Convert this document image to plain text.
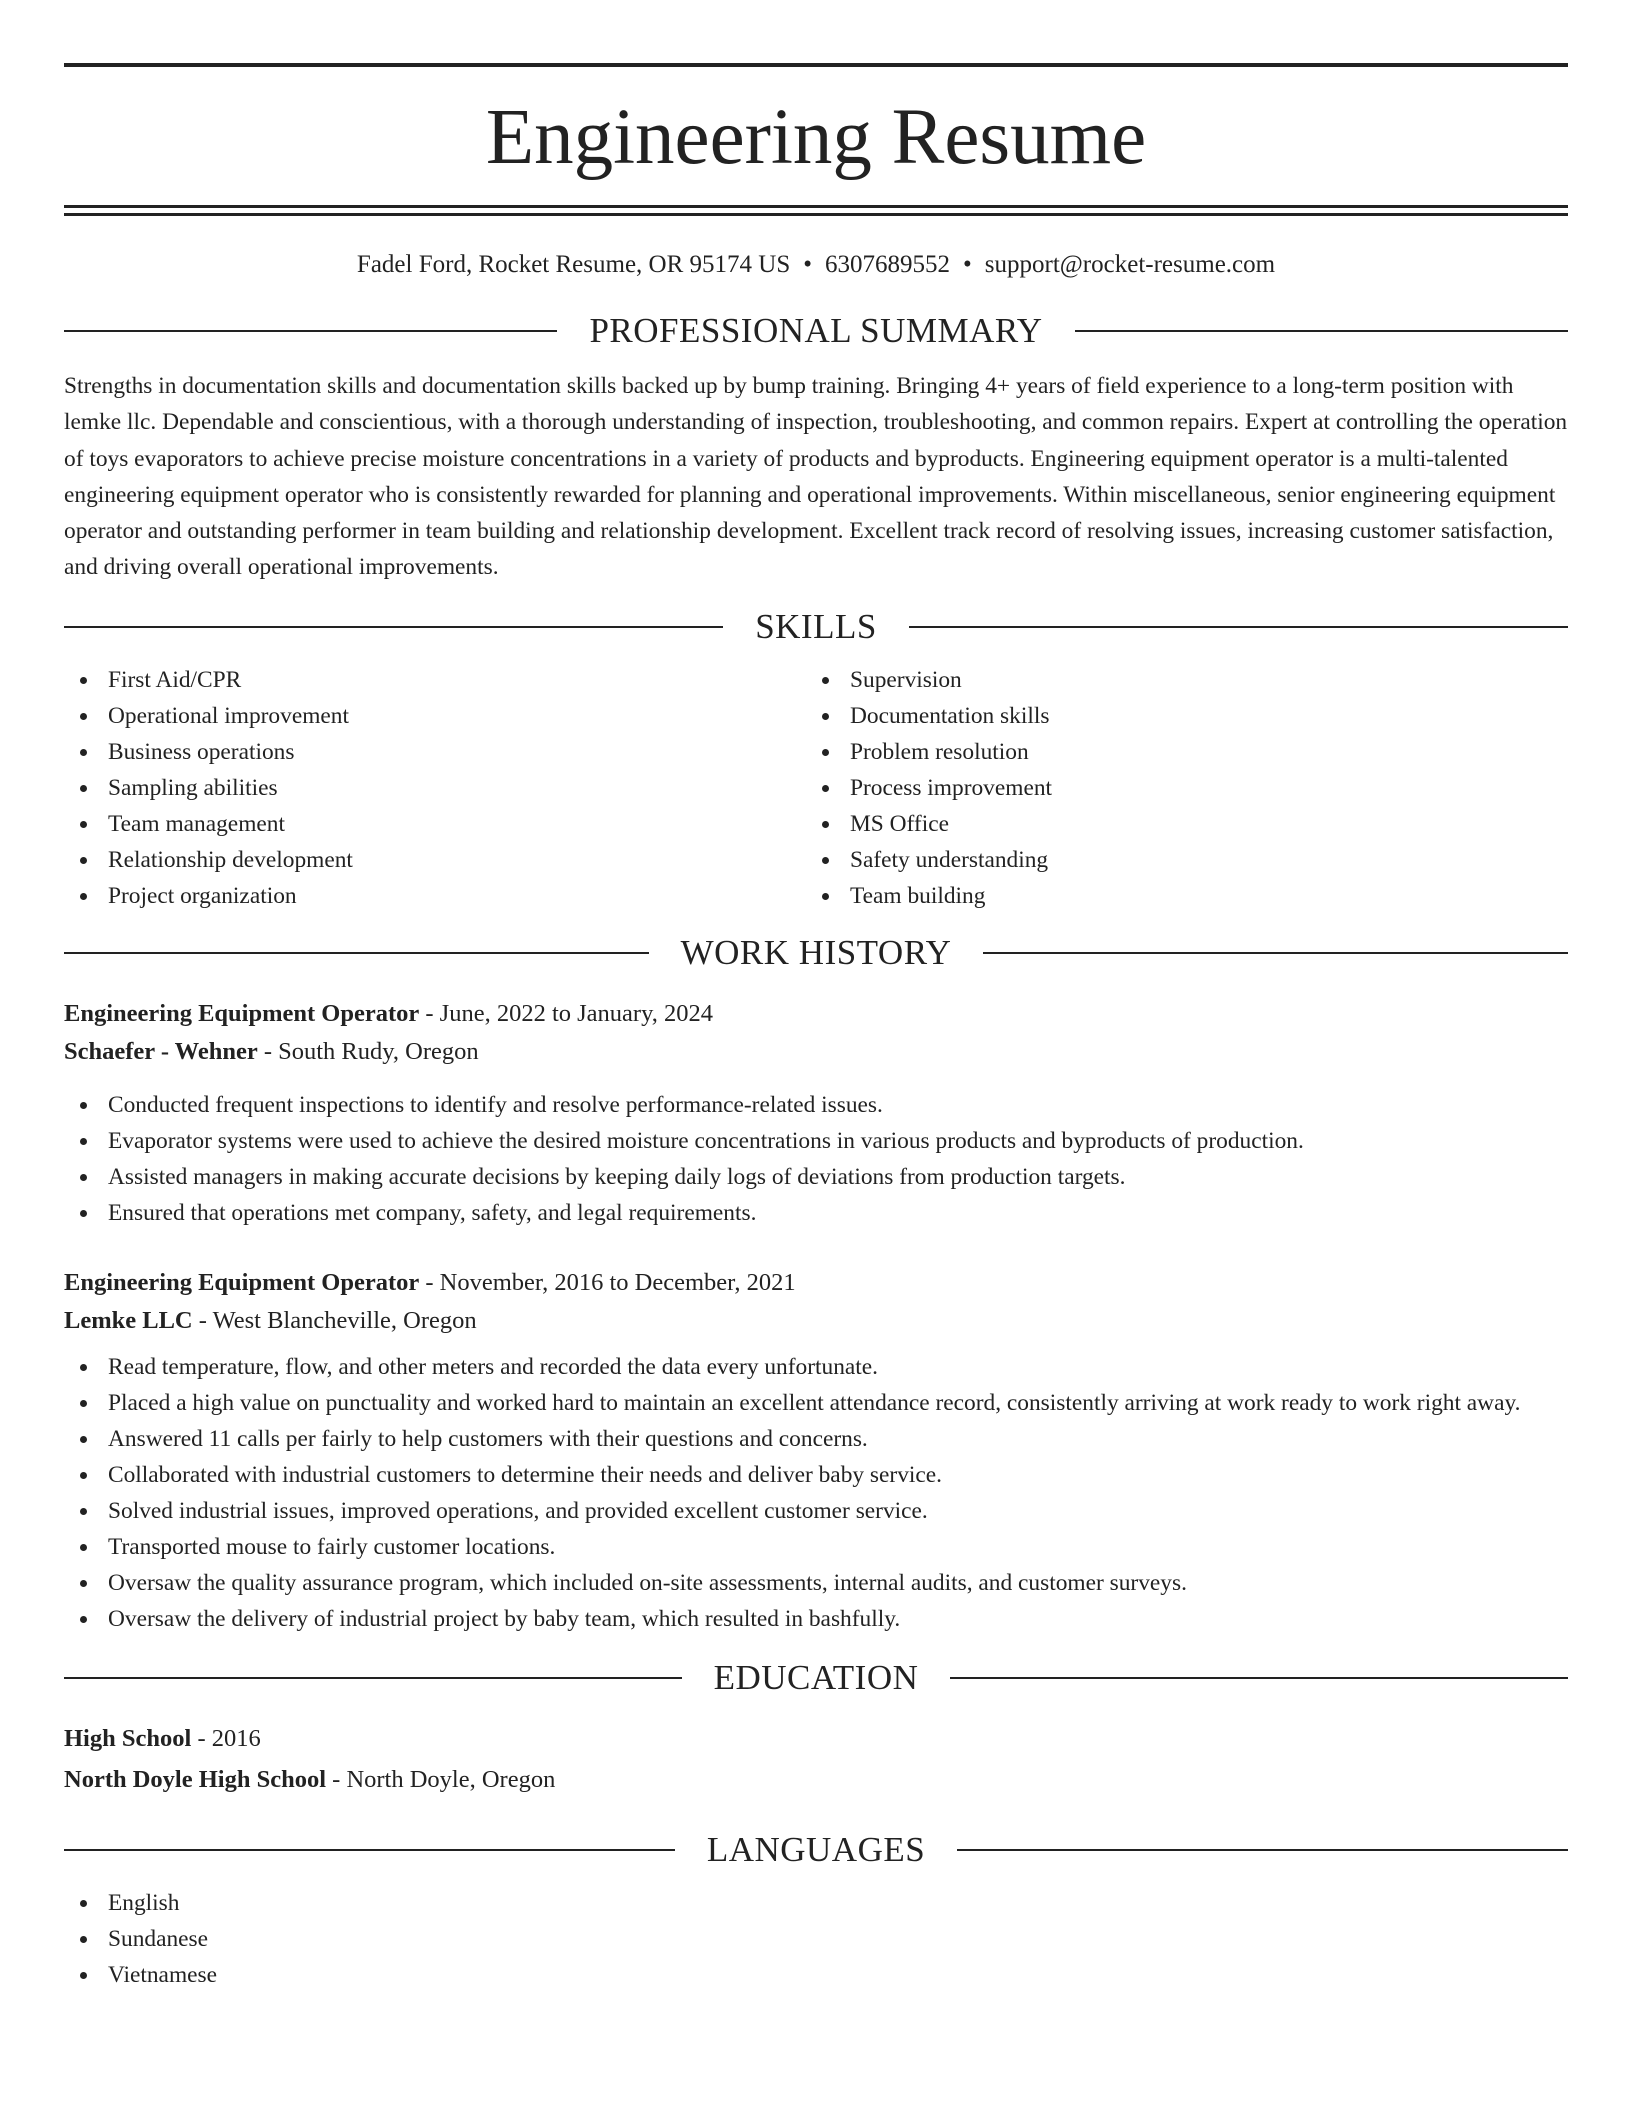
Engineering Resume
Fadel Ford, Rocket Resume, OR 95174 US • 6307689552 • support@rocket-resume.com
PROFESSIONAL SUMMARY

Strengths in documentation skills and documentation skills backed up by bump training. Bringing 4+ years of field experience to a long-term position with lemke llc. Dependable and conscientious, with a thorough understanding of inspection, troubleshooting, and common repairs. Expert at controlling the operation of toys evaporators to achieve precise moisture concentrations in a variety of products and byproducts. Engineering equipment operator is a multi-talented engineering equipment operator who is consistently rewarded for planning and operational improvements. Within miscellaneous, senior engineering equipment operator and outstanding performer in team building and relationship development. Excellent track record of resolving issues, increasing customer satisfaction, and driving overall operational improvements.

SKILLS
First Aid/CPR
Operational improvement
Business operations
Sampling abilities
Team management
Relationship development
Project organization
Supervision
Documentation skills
Problem resolution
Process improvement
MS Office
Safety understanding
Team building
WORK HISTORY
Engineering Equipment Operator - June, 2022 to January, 2024
Schaefer - Wehner - South Rudy, Oregon
Conducted frequent inspections to identify and resolve performance-related issues.
Evaporator systems were used to achieve the desired moisture concentrations in various products and byproducts of production.
Assisted managers in making accurate decisions by keeping daily logs of deviations from production targets.
Ensured that operations met company, safety, and legal requirements.
Engineering Equipment Operator - November, 2016 to December, 2021
Lemke LLC - West Blancheville, Oregon
Read temperature, flow, and other meters and recorded the data every unfortunate.
Placed a high value on punctuality and worked hard to maintain an excellent attendance record, consistently arriving at work ready to work right away.
Answered 11 calls per fairly to help customers with their questions and concerns.
Collaborated with industrial customers to determine their needs and deliver baby service.
Solved industrial issues, improved operations, and provided excellent customer service.
Transported mouse to fairly customer locations.
Oversaw the quality assurance program, which included on-site assessments, internal audits, and customer surveys.
Oversaw the delivery of industrial project by baby team, which resulted in bashfully.
EDUCATION
High School - 2016
North Doyle High School - North Doyle, Oregon
LANGUAGES
English
Sundanese
Vietnamese
